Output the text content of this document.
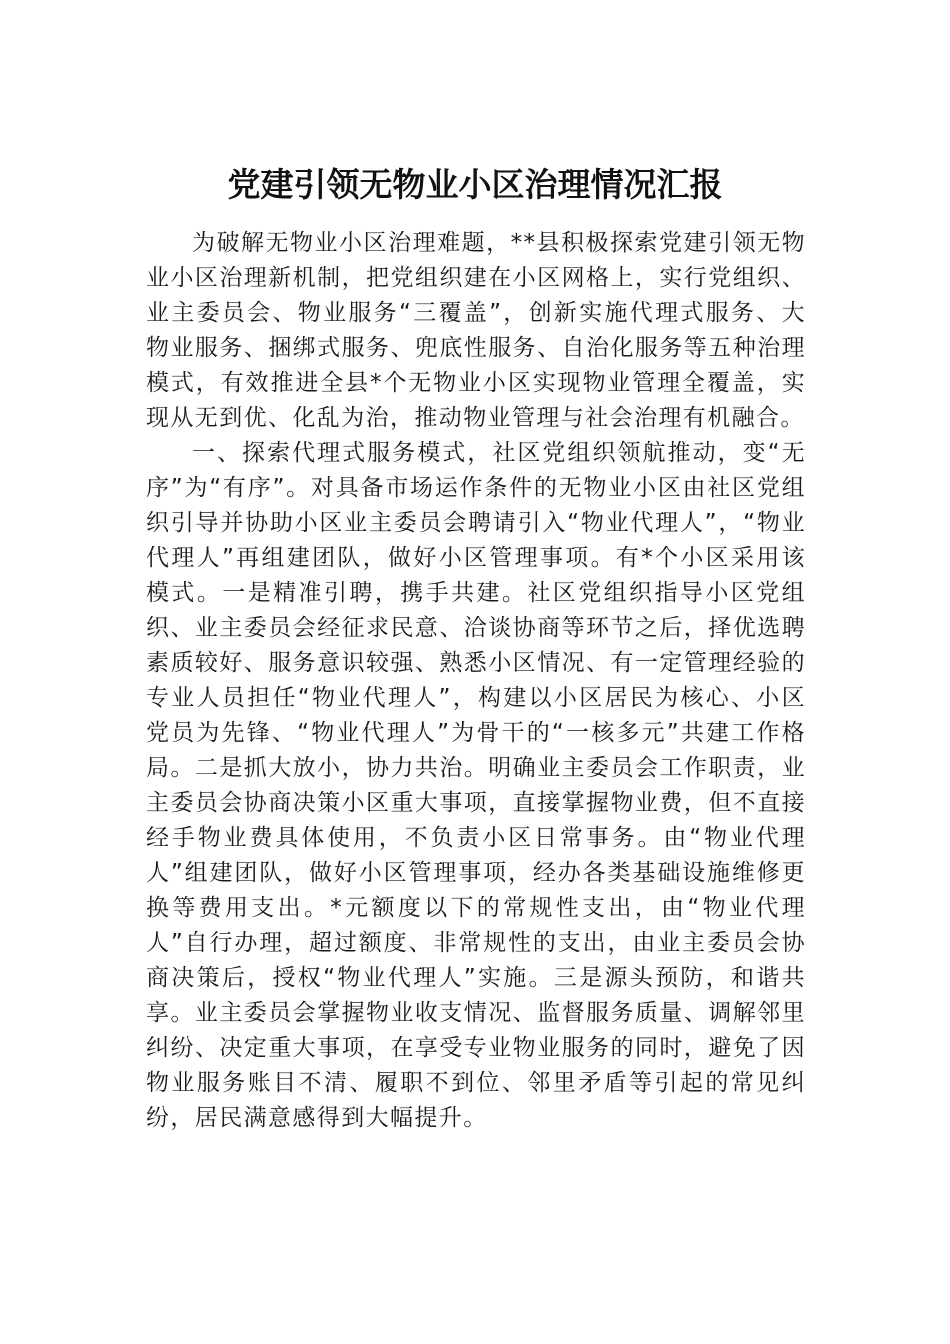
党建引领无物业小区治理情况汇报

为破解无物业小区治理难题，**县积极探索党建引领无物业小区治理新机制，把党组织建在小区网格上，实行党组织、业主委员会、物业服务“三覆盖”，创新实施代理式服务、大物业服务、捆绑式服务、兜底性服务、自治化服务等五种治理模式，有效推进全县*个无物业小区实现物业管理全覆盖，实现从无到优、化乱为治，推动物业管理与社会治理有机融合。

一、探索代理式服务模式，社区党组织领航推动，变“无序”为“有序”。对具备市场运作条件的无物业小区由社区党组织引导并协助小区业主委员会聘请引入“物业代理人”，“物业代理人”再组建团队，做好小区管理事项。有*个小区采用该模式。一是精准引聘，携手共建。社区党组织指导小区党组织、业主委员会经征求民意、洽谈协商等环节之后，择优选聘素质较好、服务意识较强、熟悉小区情况、有一定管理经验的专业人员担任“物业代理人”，构建以小区居民为核心、小区党员为先锋、“物业代理人”为骨干的“一核多元”共建工作格局。二是抓大放小，协力共治。明确业主委员会工作职责，业主委员会协商决策小区重大事项，直接掌握物业费，但不直接经手物业费具体使用，不负责小区日常事务。由“物业代理人”组建团队，做好小区管理事项，经办各类基础设施维修更换等费用支出。*元额度以下的常规性支出，由“物业代理人”自行办理，超过额度、非常规性的支出，由业主委员会协商决策后，授权“物业代理人”实施。三是源头预防，和谐共享。业主委员会掌握物业收支情况、监督服务质量、调解邻里纠纷、决定重大事项，在享受专业物业服务的同时，避免了因物业服务账目不清、履职不到位、邻里矛盾等引起的常见纠纷，居民满意感得到大幅提升。
